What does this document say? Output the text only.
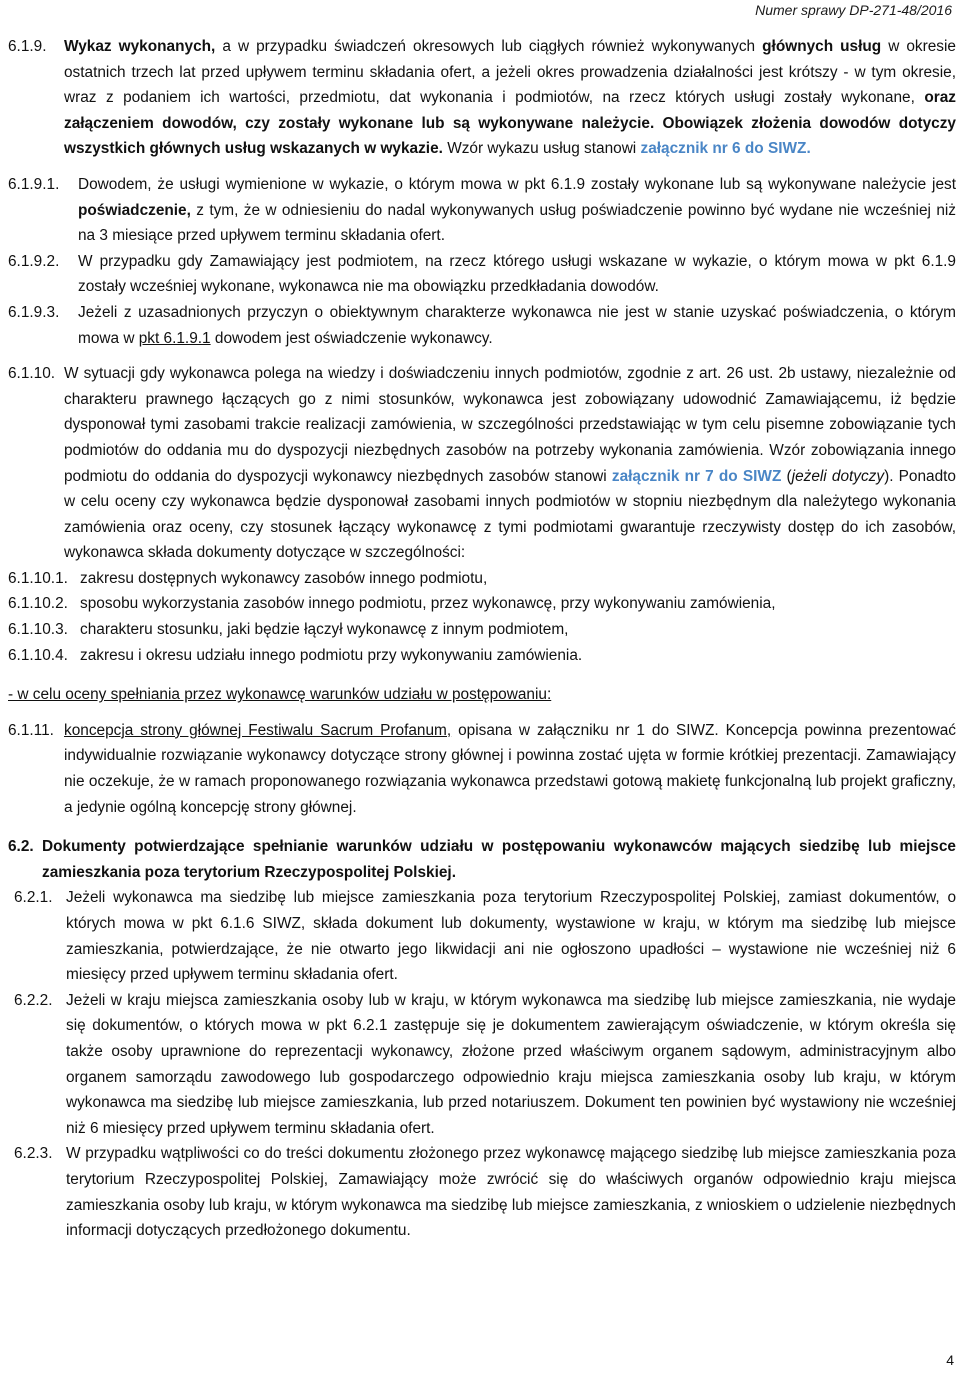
Numer sprawy DP-271-48/2016
6.1.9.	Wykaz wykonanych, a w przypadku świadczeń okresowych lub ciągłych również wykonywanych głównych usług w okresie ostatnich trzech lat przed upływem terminu składania ofert, a jeżeli okres prowadzenia działalności jest krótszy - w tym okresie, wraz z podaniem ich wartości, przedmiotu, dat wykonania i podmiotów, na rzecz których usługi zostały wykonane, oraz załączeniem dowodów, czy zostały wykonane lub są wykonywane należycie. Obowiązek złożenia dowodów dotyczy wszystkich głównych usług wskazanych w wykazie. Wzór wykazu usług stanowi załącznik nr 6 do SIWZ.
6.1.9.1.	Dowodem, że usługi wymienione w wykazie, o którym mowa w pkt 6.1.9 zostały wykonane lub są wykonywane należycie jest poświadczenie, z tym, że w odniesieniu do nadal wykonywanych usług poświadczenie powinno być wydane nie wcześniej niż na 3 miesiące przed upływem terminu składania ofert.
6.1.9.2.	W przypadku gdy Zamawiający jest podmiotem, na rzecz którego usługi wskazane w wykazie, o którym mowa w pkt 6.1.9 zostały wcześniej wykonane, wykonawca nie ma obowiązku przedkładania dowodów.
6.1.9.3.	Jeżeli z uzasadnionych przyczyn o obiektywnym charakterze wykonawca nie jest w stanie uzyskać poświadczenia, o którym mowa w pkt 6.1.9.1 dowodem jest oświadczenie wykonawcy.
6.1.10. W sytuacji gdy wykonawca polega na wiedzy i doświadczeniu innych podmiotów, zgodnie z art. 26 ust. 2b ustawy, niezależnie od charakteru prawnego łączących go z nimi stosunków, wykonawca jest zobowiązany udowodnić Zamawiającemu, iż będzie dysponował tymi zasobami trakcie realizacji zamówienia, w szczególności przedstawiając w tym celu pisemne zobowiązanie tych podmiotów do oddania mu do dyspozycji niezbędnych zasobów na potrzeby wykonania zamówienia. Wzór zobowiązania innego podmiotu do oddania do dyspozycji wykonawcy niezbędnych zasobów stanowi załącznik nr 7 do SIWZ (jeżeli dotyczy). Ponadto w celu oceny czy wykonawca będzie dysponował zasobami innych podmiotów w stopniu niezbędnym dla należytego wykonania zamówienia oraz oceny, czy stosunek łączący wykonawcę z tymi podmiotami gwarantuje rzeczywisty dostęp do ich zasobów, wykonawca składa dokumenty dotyczące w szczególności:
6.1.10.1. zakresu dostępnych wykonawcy zasobów innego podmiotu,
6.1.10.2. sposobu wykorzystania zasobów innego podmiotu, przez wykonawcę, przy wykonywaniu zamówienia,
6.1.10.3. charakteru stosunku, jaki będzie łączył wykonawcę z innym podmiotem,
6.1.10.4. zakresu i okresu udziału innego podmiotu przy wykonywaniu zamówienia.
- w celu oceny spełniania przez wykonawcę warunków udziału w postępowaniu:
6.1.11. koncepcja strony głównej Festiwalu Sacrum Profanum, opisana w załączniku nr 1 do SIWZ. Koncepcja powinna prezentować indywidualnie rozwiązanie wykonawcy dotyczące strony głównej i powinna zostać ujęta w formie krótkiej prezentacji. Zamawiający nie oczekuje, że w ramach proponowanego rozwiązania wykonawca przedstawi gotową makietę funkcjonalną lub projekt graficzny, a jedynie ogólną koncepcję strony głównej.
6.2. Dokumenty potwierdzające spełnianie warunków udziału w postępowaniu wykonawców mających siedzibę lub miejsce zamieszkania poza terytorium Rzeczypospolitej Polskiej.
6.2.1. Jeżeli wykonawca ma siedzibę lub miejsce zamieszkania poza terytorium Rzeczypospolitej Polskiej, zamiast dokumentów, o których mowa w pkt 6.1.6 SIWZ, składa dokument lub dokumenty, wystawione w kraju, w którym ma siedzibę lub miejsce zamieszkania, potwierdzające, że nie otwarto jego likwidacji ani nie ogłoszono upadłości – wystawione nie wcześniej niż 6 miesięcy przed upływem terminu składania ofert.
6.2.2. Jeżeli w kraju miejsca zamieszkania osoby lub w kraju, w którym wykonawca ma siedzibę lub miejsce zamieszkania, nie wydaje się dokumentów, o których mowa w pkt 6.2.1 zastępuje się je dokumentem zawierającym oświadczenie, w którym określa się także osoby uprawnione do reprezentacji wykonawcy, złożone przed właściwym organem sądowym, administracyjnym albo organem samorządu zawodowego lub gospodarczego odpowiednio kraju miejsca zamieszkania osoby lub kraju, w którym wykonawca ma siedzibę lub miejsce zamieszkania, lub przed notariuszem. Dokument ten powinien być wystawiony nie wcześniej niż 6 miesięcy przed upływem terminu składania ofert.
6.2.3. W przypadku wątpliwości co do treści dokumentu złożonego przez wykonawcę mającego siedzibę lub miejsce zamieszkania poza terytorium Rzeczypospolitej Polskiej, Zamawiający może zwrócić się do właściwych organów odpowiednio kraju miejsca zamieszkania osoby lub kraju, w którym wykonawca ma siedzibę lub miejsce zamieszkania, z wnioskiem o udzielenie niezbędnych informacji dotyczących przedłożonego dokumentu.
4
